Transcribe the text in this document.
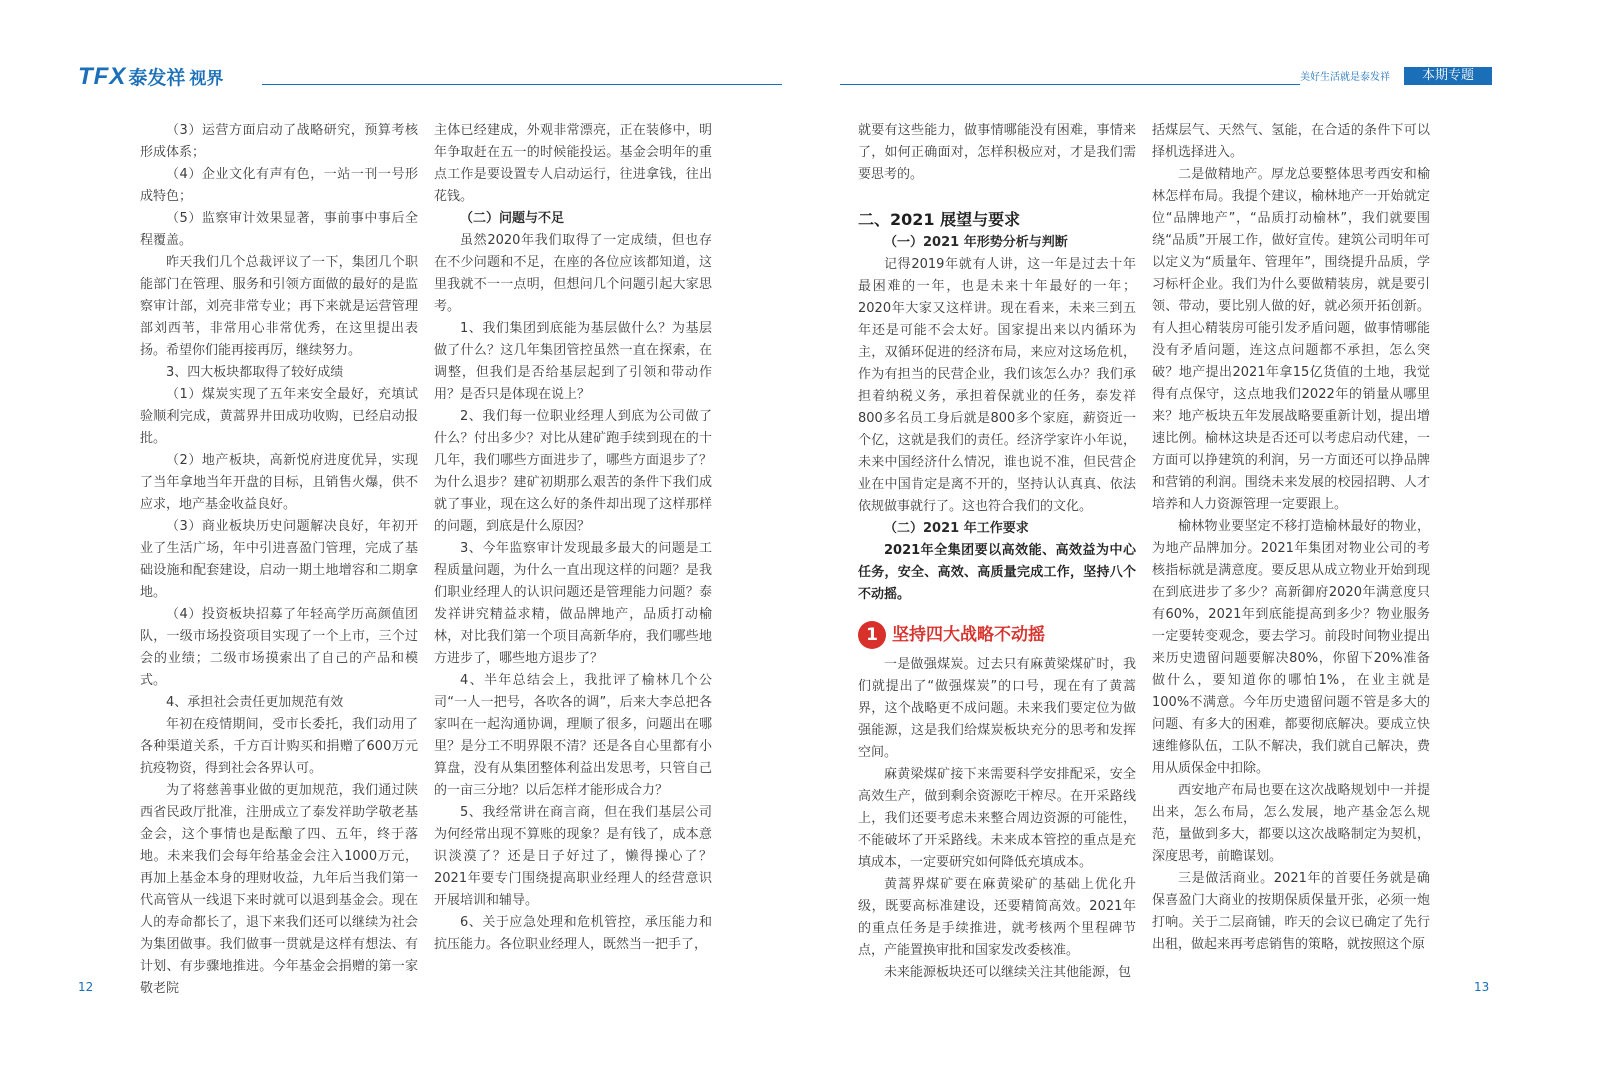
TFX 泰发祥 视界	美好生活就是泰发祥	本期专题

（3）运营方面启动了战略研究，预算考核形成体系；

（4）企业文化有声有色，一站一刊一号形成特色；

（5）监察审计效果显著，事前事中事后全程覆盖。

昨天我们几个总裁评议了一下，集团几个职能部门在管理、服务和引领方面做的最好的是监察审计部，刘亮非常专业；再下来就是运营管理部刘西苇，非常用心非常优秀，在这里提出表扬。希望你们能再接再厉，继续努力。

3、四大板块都取得了较好成绩

（1）煤炭实现了五年来安全最好，充填试验顺利完成，黄蒿界井田成功收购，已经启动报批。

（2）地产板块，高新悦府进度优异，实现了当年拿地当年开盘的目标，且销售火爆，供不应求，地产基金收益良好。

（3）商业板块历史问题解决良好，年初开业了生活广场，年中引进喜盈门管理，完成了基础设施和配套建设，启动一期土地增容和二期拿地。

（4）投资板块招募了年轻高学历高颜值团队，一级市场投资项目实现了一个上市，三个过会的业绩；二级市场摸索出了自己的产品和模式。

4、承担社会责任更加规范有效

年初在疫情期间，受市长委托，我们动用了各种渠道关系，千方百计购买和捐赠了600万元抗疫物资，得到社会各界认可。

为了将慈善事业做的更加规范，我们通过陕西省民政厅批准，注册成立了泰发祥助学敬老基金会，这个事情也是酝酿了四、五年，终于落地。未来我们会每年给基金会注入1000万元，再加上基金本身的理财收益，九年后当我们第一代高管从一线退下来时就可以退到基金会。现在人的寿命都长了，退下来我们还可以继续为社会为集团做事。我们做事一贯就是这样有想法、有计划、有步骤地推进。今年基金会捐赠的第一家敬老院

主体已经建成，外观非常漂亮，正在装修中，明年争取赶在五一的时候能投运。基金会明年的重点工作是要设置专人启动运行，往进拿钱，往出花钱。

（二）问题与不足

虽然2020年我们取得了一定成绩，但也存在不少问题和不足，在座的各位应该都知道，这里我就不一一点明，但想问几个问题引起大家思考。

1、我们集团到底能为基层做什么？为基层做了什么？这几年集团管控虽然一直在探索，在调整，但我们是否给基层起到了引领和带动作用？是否只是体现在说上？

2、我们每一位职业经理人到底为公司做了什么？付出多少？对比从建矿跑手续到现在的十几年，我们哪些方面进步了，哪些方面退步了？为什么退步？建矿初期那么艰苦的条件下我们成就了事业，现在这么好的条件却出现了这样那样的问题，到底是什么原因？

3、今年监察审计发现最多最大的问题是工程质量问题，为什么一直出现这样的问题？是我们职业经理人的认识问题还是管理能力问题？泰发祥讲究精益求精，做品牌地产，品质打动榆林，对比我们第一个项目高新华府，我们哪些地方进步了，哪些地方退步了？

4、半年总结会上，我批评了榆林几个公司“一人一把号，各吹各的调”，后来大李总把各家叫在一起沟通协调，理顺了很多，问题出在哪里？是分工不明界限不清？还是各自心里都有小算盘，没有从集团整体利益出发思考，只管自己的一亩三分地？以后怎样才能形成合力？

5、我经常讲在商言商，但在我们基层公司为何经常出现不算账的现象？是有钱了，成本意识淡漠了？还是日子好过了，懒得操心了？2021年要专门围绕提高职业经理人的经营意识开展培训和辅导。

6、关于应急处理和危机管控，承压能力和抗压能力。各位职业经理人，既然当一把手了，

就要有这些能力，做事情哪能没有困难，事情来了，如何正确面对，怎样积极应对，才是我们需要思考的。

二、2021 展望与要求

（一）2021 年形势分析与判断

记得2019年就有人讲，这一年是过去十年最困难的一年，也是未来十年最好的一年；2020年大家又这样讲。现在看来，未来三到五年还是可能不会太好。国家提出来以内循环为主，双循环促进的经济布局，来应对这场危机，作为有担当的民营企业，我们该怎么办？我们承担着纳税义务，承担着保就业的任务，泰发祥800多名员工身后就是800多个家庭，薪资近一个亿，这就是我们的责任。经济学家许小年说，未来中国经济什么情况，谁也说不准，但民营企业在中国肯定是离不开的，坚持认认真真、依法依规做事就行了。这也符合我们的文化。

（二）2021 年工作要求

2021年全集团要以高效能、高效益为中心任务，安全、高效、高质量完成工作，坚持八个不动摇。

1 坚持四大战略不动摇

一是做强煤炭。过去只有麻黄梁煤矿时，我们就提出了“做强煤炭”的口号，现在有了黄蒿界，这个战略更不成问题。未来我们要定位为做强能源，这是我们给煤炭板块充分的思考和发挥空间。

麻黄梁煤矿接下来需要科学安排配采，安全高效生产，做到剩余资源吃干榨尽。在开采路线上，我们还要考虑未来整合周边资源的可能性，不能破坏了开采路线。未来成本管控的重点是充填成本，一定要研究如何降低充填成本。

黄蒿界煤矿要在麻黄梁矿的基础上优化升级，既要高标准建设，还要精简高效。2021年的重点任务是手续推进，就考核两个里程碑节点，产能置换审批和国家发改委核准。

未来能源板块还可以继续关注其他能源，包

括煤层气、天然气、氢能，在合适的条件下可以择机选择进入。

二是做精地产。厚龙总要整体思考西安和榆林怎样布局。我提个建议，榆林地产一开始就定位“品牌地产”，“品质打动榆林”，我们就要围绕“品质”开展工作，做好宣传。建筑公司明年可以定义为“质量年、管理年”，围绕提升品质，学习标杆企业。我们为什么要做精装房，就是要引领、带动，要比别人做的好，就必须开拓创新。有人担心精装房可能引发矛盾问题，做事情哪能没有矛盾问题，连这点问题都不承担，怎么突破？地产提出2021年拿15亿货值的土地，我觉得有点保守，这点地我们2022年的销量从哪里来？地产板块五年发展战略要重新计划，提出增速比例。榆林这块是否还可以考虑启动代建，一方面可以挣建筑的利润，另一方面还可以挣品牌和营销的利润。围绕未来发展的校园招聘、人才培养和人力资源管理一定要跟上。

榆林物业要坚定不移打造榆林最好的物业，为地产品牌加分。2021年集团对物业公司的考核指标就是满意度。要反思从成立物业开始到现在到底进步了多少？高新御府2020年满意度只有60%，2021年到底能提高到多少？物业服务一定要转变观念，要去学习。前段时间物业提出来历史遗留问题要解决80%，你留下20%准备做什么，要知道你的哪怕1%，在业主就是100%不满意。今年历史遗留问题不管是多大的问题、有多大的困难，都要彻底解决。要成立快速维修队伍，工队不解决，我们就自己解决，费用从质保金中扣除。

西安地产布局也要在这次战略规划中一并提出来，怎么布局，怎么发展，地产基金怎么规范，量做到多大，都要以这次战略制定为契机，深度思考，前瞻谋划。

三是做活商业。2021年的首要任务就是确保喜盈门大商业的按期保质保量开张，必须一炮打响。关于二层商铺，昨天的会议已确定了先行出租，做起来再考虑销售的策略，就按照这个原

12	13
